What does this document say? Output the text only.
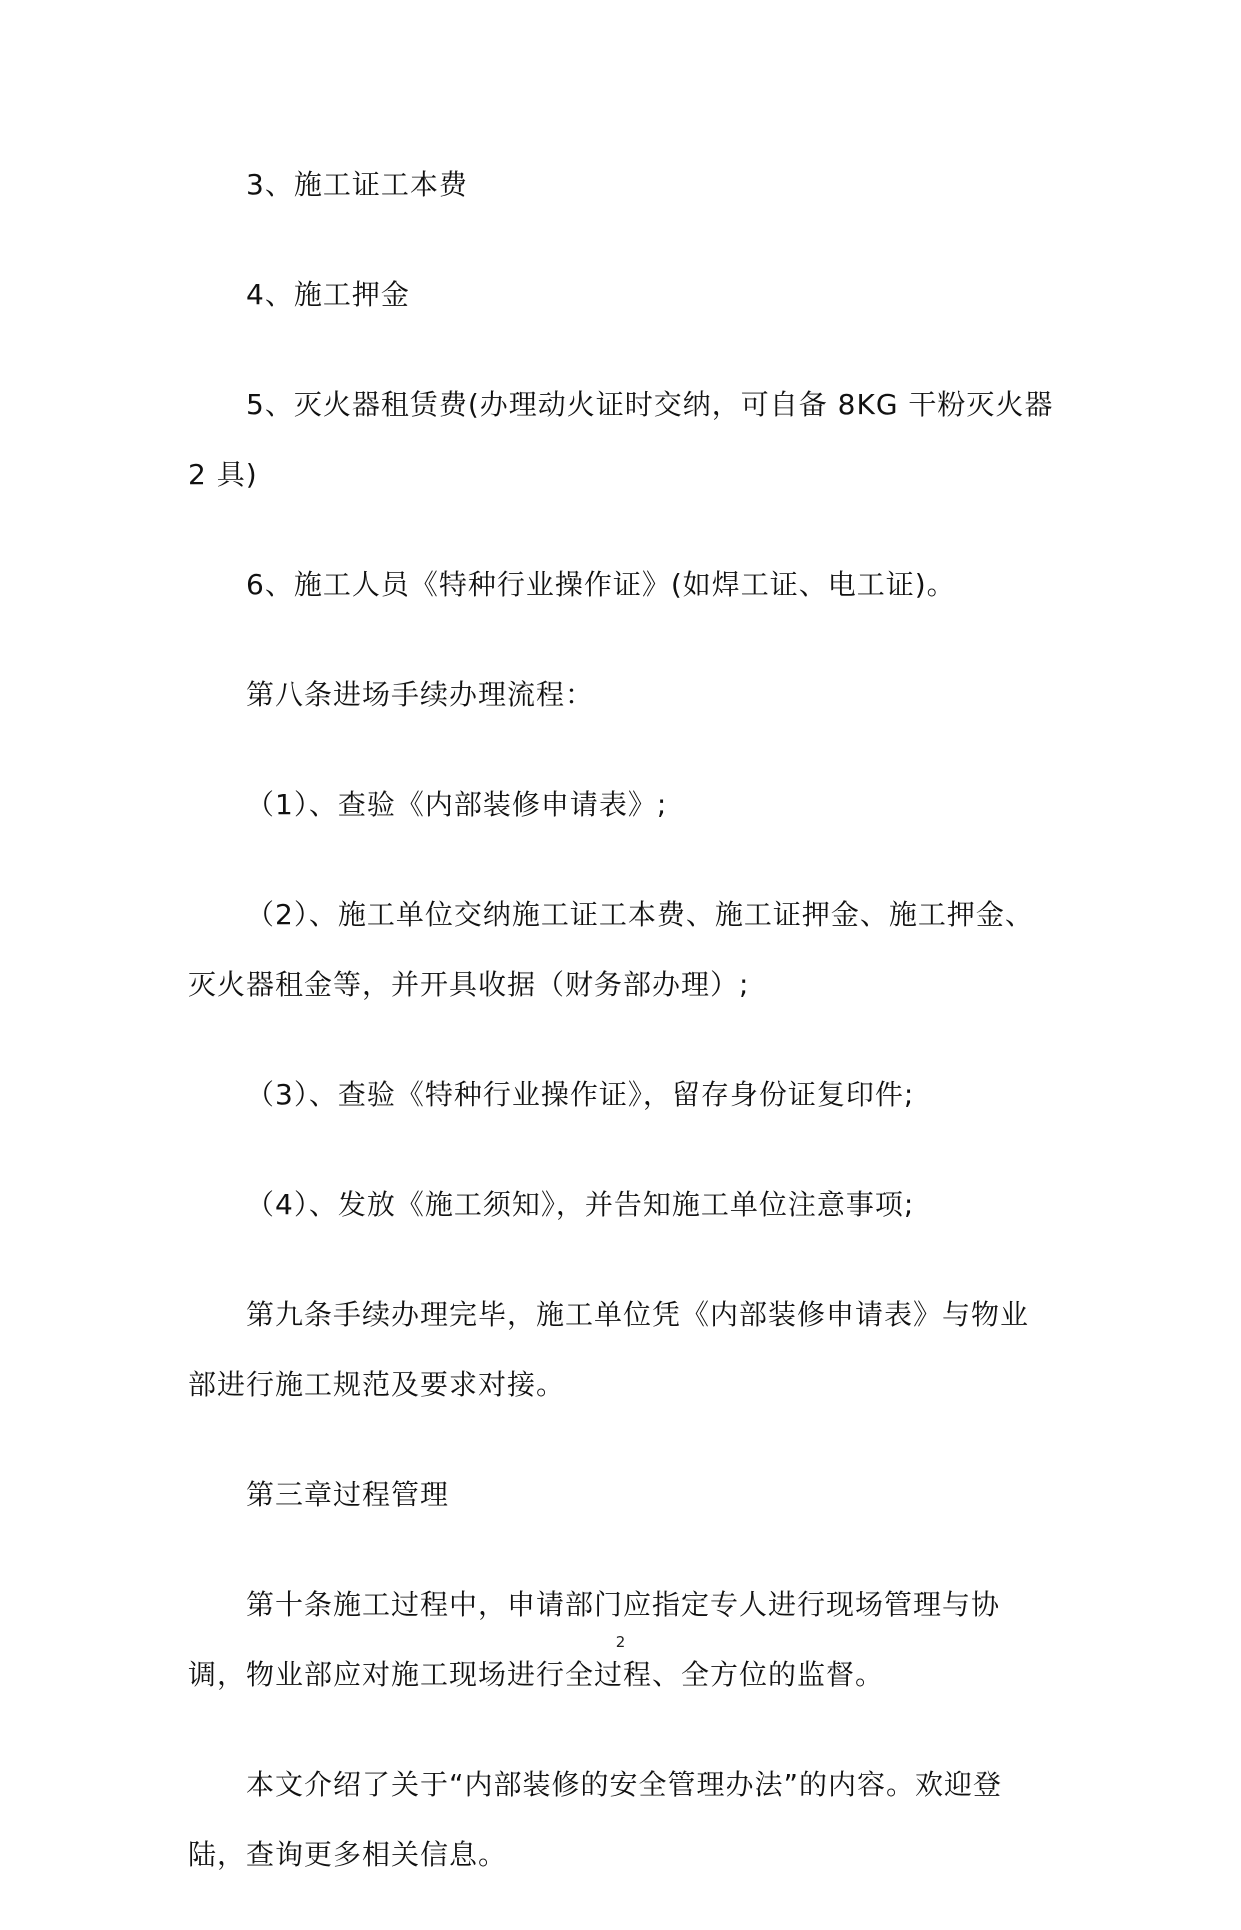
3、施工证工本费

4、施工押金

5、灭火器租赁费(办理动火证时交纳，可自备 8KG 干粉灭火器 2 具)

6、施工人员《特种行业操作证》(如焊工证、电工证)。

第八条进场手续办理流程：

（1）、查验《内部装修申请表》;

（2）、施工单位交纳施工证工本费、施工证押金、施工押金、灭火器租金等，并开具收据（财务部办理）;

（3）、查验《特种行业操作证》，留存身份证复印件;

（4）、发放《施工须知》，并告知施工单位注意事项;

第九条手续办理完毕，施工单位凭《内部装修申请表》与物业部进行施工规范及要求对接。

第三章过程管理

第十条施工过程中，申请部门应指定专人进行现场管理与协调，物业部应对施工现场进行全过程、全方位的监督。

本文介绍了关于“内部装修的安全管理办法”的内容。欢迎登陆，查询更多相关信息。

2
